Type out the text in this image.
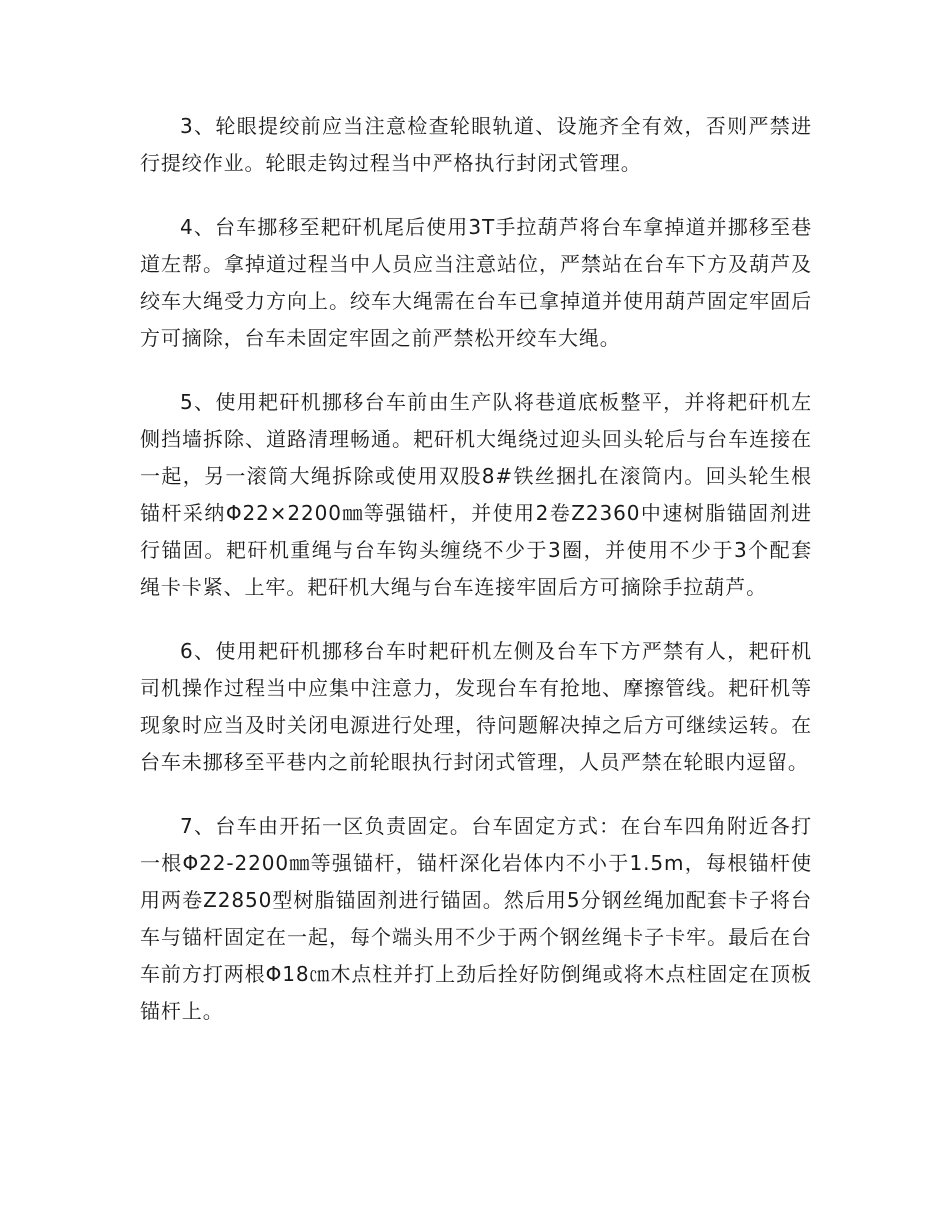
3、轮眼提绞前应当注意检查轮眼轨道、设施齐全有效，否则严禁进行提绞作业。轮眼走钩过程当中严格执行封闭式管理。

4、台车挪移至耙矸机尾后使用3T手拉葫芦将台车拿掉道并挪移至巷道左帮。拿掉道过程当中人员应当注意站位，严禁站在台车下方及葫芦及绞车大绳受力方向上。绞车大绳需在台车已拿掉道并使用葫芦固定牢固后方可摘除，台车未固定牢固之前严禁松开绞车大绳。

5、使用耙矸机挪移台车前由生产队将巷道底板整平，并将耙矸机左侧挡墙拆除、道路清理畅通。耙矸机大绳绕过迎头回头轮后与台车连接在一起，另一滚筒大绳拆除或使用双股8#铁丝捆扎在滚筒内。回头轮生根锚杆采纳Φ22×2200㎜等强锚杆，并使用2卷Z2360中速树脂锚固剂进行锚固。耙矸机重绳与台车钩头缠绕不少于3圈，并使用不少于3个配套绳卡卡紧、上牢。耙矸机大绳与台车连接牢固后方可摘除手拉葫芦。

6、使用耙矸机挪移台车时耙矸机左侧及台车下方严禁有人，耙矸机司机操作过程当中应集中注意力，发现台车有抢地、摩擦管线。耙矸机等现象时应当及时关闭电源进行处理，待问题解决掉之后方可继续运转。在台车未挪移至平巷内之前轮眼执行封闭式管理，人员严禁在轮眼内逗留。

7、台车由开拓一区负责固定。台车固定方式：在台车四角附近各打一根Φ22-2200㎜等强锚杆，锚杆深化岩体内不小于1.5m，每根锚杆使用两卷Z2850型树脂锚固剂进行锚固。然后用5分钢丝绳加配套卡子将台车与锚杆固定在一起，每个端头用不少于两个钢丝绳卡子卡牢。最后在台车前方打两根Φ18㎝木点柱并打上劲后拴好防倒绳或将木点柱固定在顶板锚杆上。
